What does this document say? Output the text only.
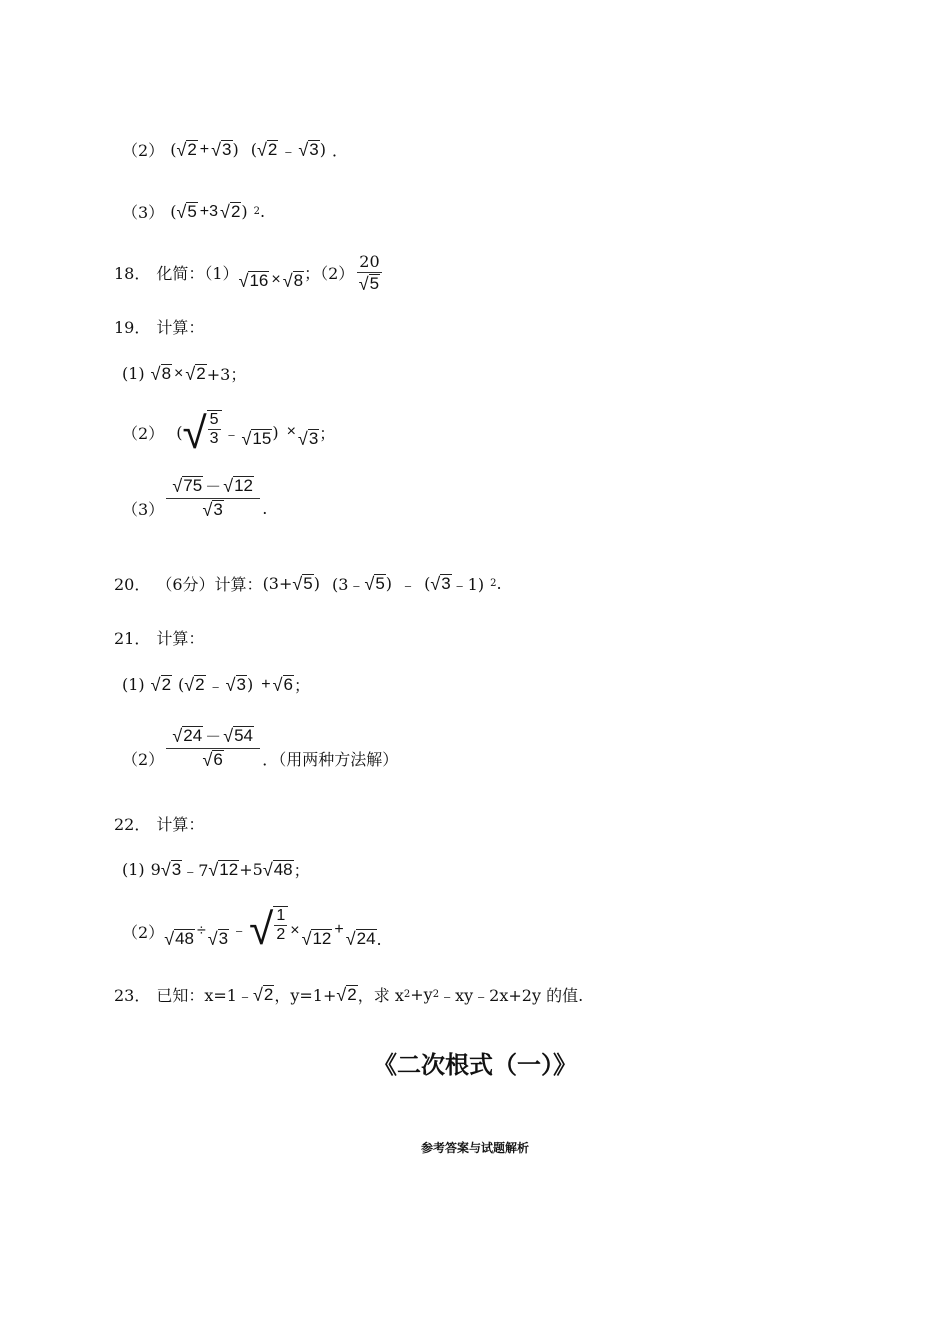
（2） ( √ 2 + √ 3 ) ( √ 2 ﹣ √ 3 ) ．
（3） ( √ 5 +3 √ 2 ) 2 .
18． 化简：（1） √ 16 × √ 8 ；$(2) \frac{20}{√ 5}$
19． 计算：
(1) √ 8 × √ 2 +3；
（2） ( √ $\frac{5}{3}$ ﹣ √ 15 ) × √ 3 ；
$(3) \frac{√ 75 - √ 12}{√ 3}$ .
20． （6分）计算： (3+ √ 5 ) (3﹣ √ 5 ) ﹣ ( √ 3 ﹣1) 2 .
21． 计算：
(1) √ 2 ( √ 2 ﹣ √ 3 ) + √ 6 ；
$(2) \frac{√ 24 - √ 54}{√ 6}$ ．（用两种方法解）
22． 计算：
(1) 9 √ 3 ﹣7 √ 12 +5 √ 48 ；
（2） √ 48 ÷ √ 3 ﹣ √ $\frac{1}{2}$ × √ 12 + √ 24 .
23． 已知：x=1﹣ √ 2 ，y=1+ √ 2 ，求 x 2 +y 2 ﹣xy﹣2x+2y 的值.
《二次根式（一）》
参考答案与试题解析
